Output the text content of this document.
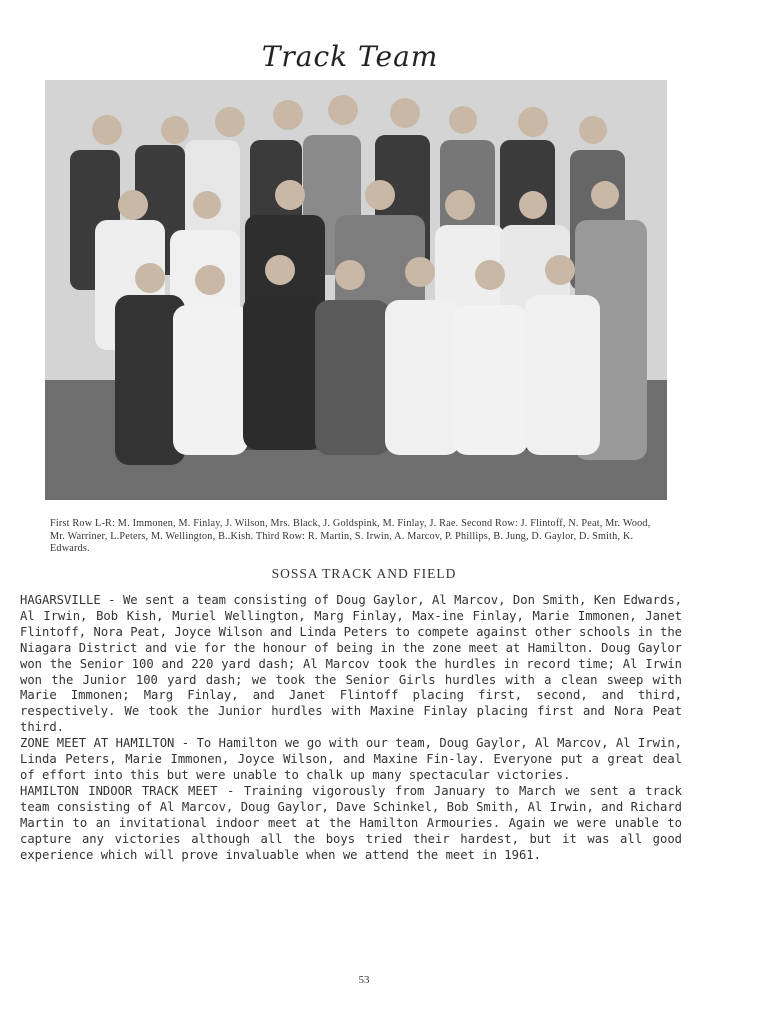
Track Team
First Row L-R: M. Immonen, M. Finlay, J. Wilson, Mrs. Black, J. Goldspink, M. Finlay, J. Rae. Second Row: J. Flintoff, N. Peat, Mr. Wood, Mr. Warriner, L.Peters, M. Wellington, B..Kish. Third Row: R. Martin, S. Irwin, A. Marcov, P. Phillips, B. Jung, D. Gaylor, D. Smith, K. Edwards.
SOSSA TRACK AND FIELD

HAGARSVILLE - We sent a team consisting of Doug Gaylor, Al Marcov, Don Smith, Ken Edwards, Al Irwin, Bob Kish, Muriel Wellington, Marg Finlay, Max-ine Finlay, Marie Immonen, Janet Flintoff, Nora Peat, Joyce Wilson and Linda Peters to compete against other schools in the Niagara District and vie for the honour of being in the zone meet at Hamilton. Doug Gaylor won the Senior 100 and 220 yard dash; Al Marcov took the hurdles in record time; Al Irwin won the Junior 100 yard dash; we took the Senior Girls hurdles with a clean sweep with Marie Immonen; Marg Finlay, and Janet Flintoff placing first, second, and third, respectively. We took the Junior hurdles with Maxine Finlay placing first and Nora Peat third.

ZONE MEET AT HAMILTON - To Hamilton we go with our team, Doug Gaylor, Al Marcov, Al Irwin, Linda Peters, Marie Immonen, Joyce Wilson, and Maxine Fin-lay. Everyone put a great deal of effort into this but were unable to chalk up many spectacular victories.

HAMILTON INDOOR TRACK MEET - Training vigorously from January to March we sent a track team consisting of Al Marcov, Doug Gaylor, Dave Schinkel, Bob Smith, Al Irwin, and Richard Martin to an invitational indoor meet at the Hamilton Armouries. Again we were unable to capture any victories although all the boys tried their hardest, but it was all good experience which will prove invaluable when we attend the meet in 1961.

53
